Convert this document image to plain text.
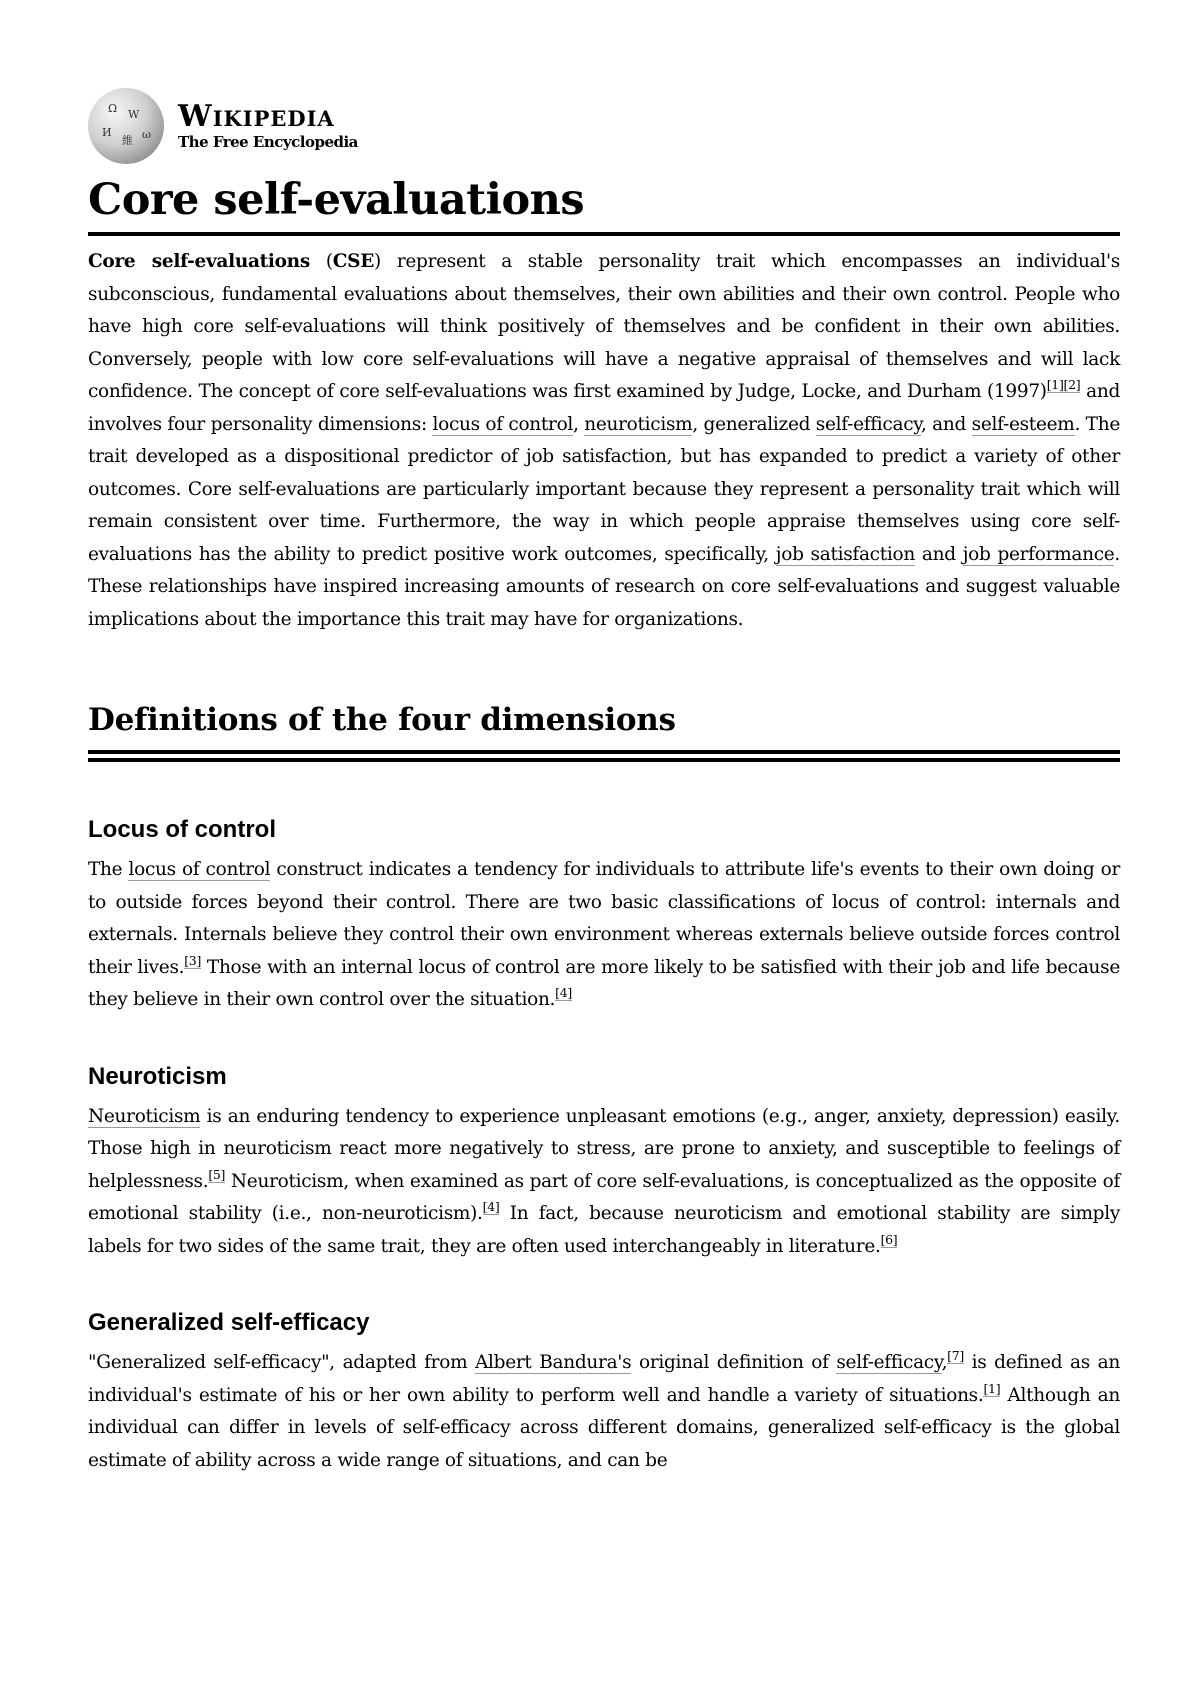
Ω W
И
維 ω
Wikipedia
The Free Encyclopedia
Core self-evaluations

Core self-evaluations (CSE) represent a stable personality trait which encompasses an individual's subconscious, fundamental evaluations about themselves, their own abilities and their own control. People who have high core self-evaluations will think positively of themselves and be confident in their own abilities. Conversely, people with low core self-evaluations will have a negative appraisal of themselves and will lack confidence. The concept of core self-evaluations was first examined by Judge, Locke, and Durham (1997)[1][2] and involves four personality dimensions: locus of control, neuroticism, generalized self-efficacy, and self-esteem. The trait developed as a dispositional predictor of job satisfaction, but has expanded to predict a variety of other outcomes. Core self-evaluations are particularly important because they represent a personality trait which will remain consistent over time. Furthermore, the way in which people appraise themselves using core self-evaluations has the ability to predict positive work outcomes, specifically, job satisfaction and job performance. These relationships have inspired increasing amounts of research on core self-evaluations and suggest valuable implications about the importance this trait may have for organizations.

Definitions of the four dimensions
Locus of control

The locus of control construct indicates a tendency for individuals to attribute life's events to their own doing or to outside forces beyond their control. There are two basic classifications of locus of control: internals and externals. Internals believe they control their own environment whereas externals believe outside forces control their lives.[3] Those with an internal locus of control are more likely to be satisfied with their job and life because they believe in their own control over the situation.[4]

Neuroticism

Neuroticism is an enduring tendency to experience unpleasant emotions (e.g., anger, anxiety, depression) easily. Those high in neuroticism react more negatively to stress, are prone to anxiety, and susceptible to feelings of helplessness.[5] Neuroticism, when examined as part of core self-evaluations, is conceptualized as the opposite of emotional stability (i.e., non-neuroticism).[4] In fact, because neuroticism and emotional stability are simply labels for two sides of the same trait, they are often used interchangeably in literature.[6]

Generalized self-efficacy

"Generalized self-efficacy", adapted from Albert Bandura's original definition of self-efficacy,[7] is defined as an individual's estimate of his or her own ability to perform well and handle a variety of situations.[1] Although an individual can differ in levels of self-efficacy across different domains, generalized self-efficacy is the global estimate of ability across a wide range of situations, and can be
